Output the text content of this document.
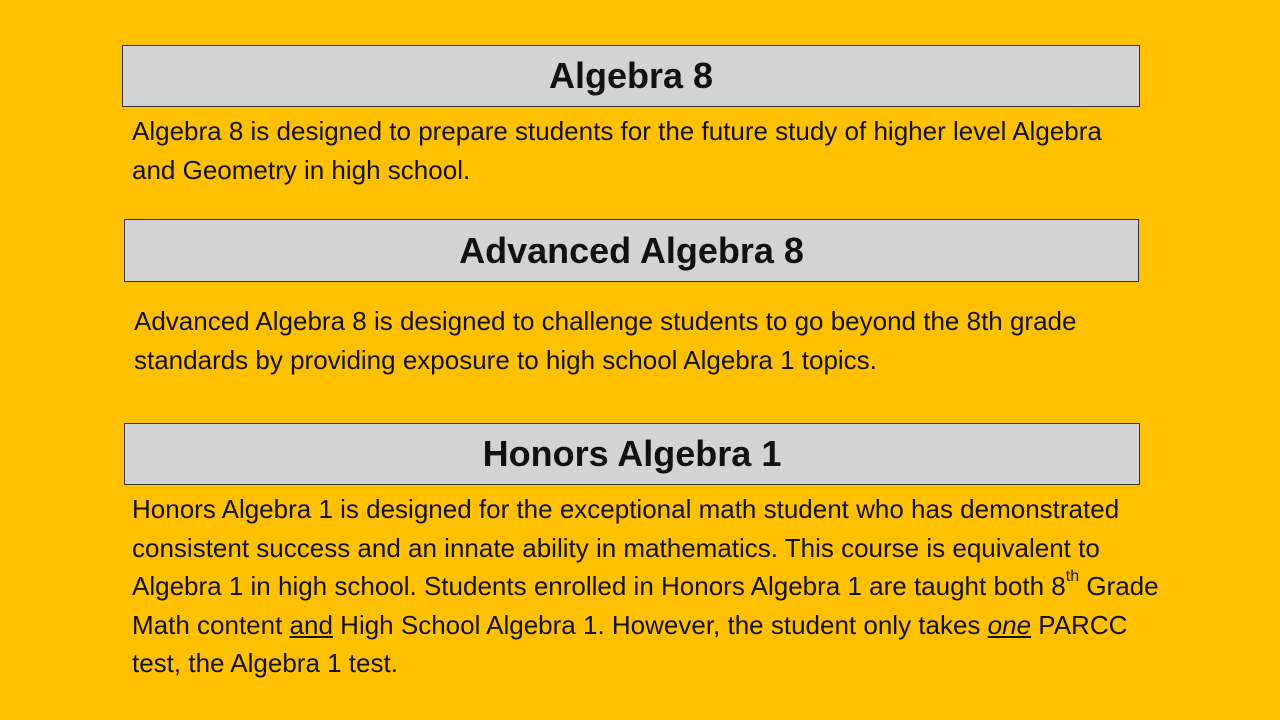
Algebra 8
Algebra 8 is designed to prepare students for the future study of higher level Algebra and Geometry in high school.
Advanced Algebra 8
Advanced Algebra 8 is designed to challenge students to go beyond the 8th grade standards by providing exposure to high school Algebra 1 topics.
Honors Algebra 1
Honors Algebra 1 is designed for the exceptional math student who has demonstrated consistent success and an innate ability in mathematics. This course is equivalent to Algebra 1 in high school. Students enrolled in Honors Algebra 1 are taught both 8th Grade Math content and High School Algebra 1. However, the student only takes one PARCC test, the Algebra 1 test.
